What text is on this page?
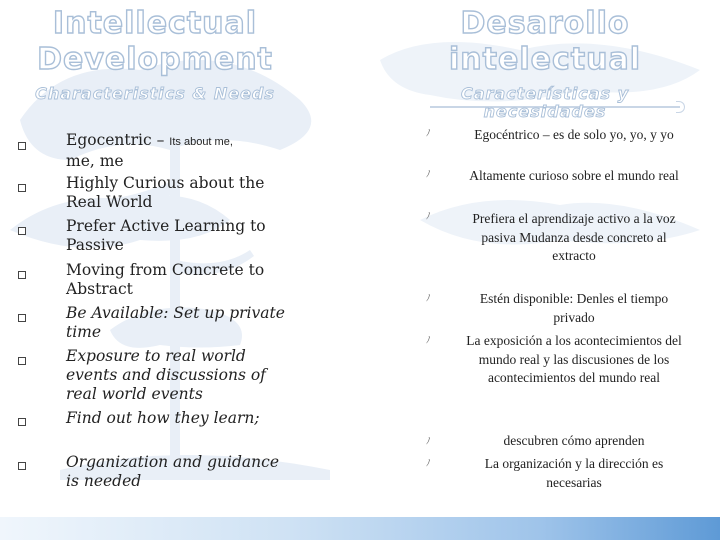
Intellectual
Development
Characteristics & Needs
Desarollo
intelectual
Características y
necesidades
Egocentric – Its about me,
me, me
Highly Curious about the Real World
Prefer Active Learning to Passive
Moving from Concrete to Abstract
Be Available: Set up private time
Exposure to real world events and discussions of real world events
Find out how they learn;
Organization and guidance is needed
ﾉ	Egocéntrico – es de solo yo, yo, y yo
ﾉ	Altamente curioso sobre el mundo real
ﾉ	Prefiera el aprendizaje activo a la voz pasiva Mudanza desde concreto al extracto
ﾉ	Estén disponible: Denles el tiempo privado
ﾉ	La exposición a los acontecimientos del mundo real y las discusiones de los acontecimientos del mundo real
ﾉ	descubren cómo aprenden
ﾉ	La organización y la dirección es necesarias
